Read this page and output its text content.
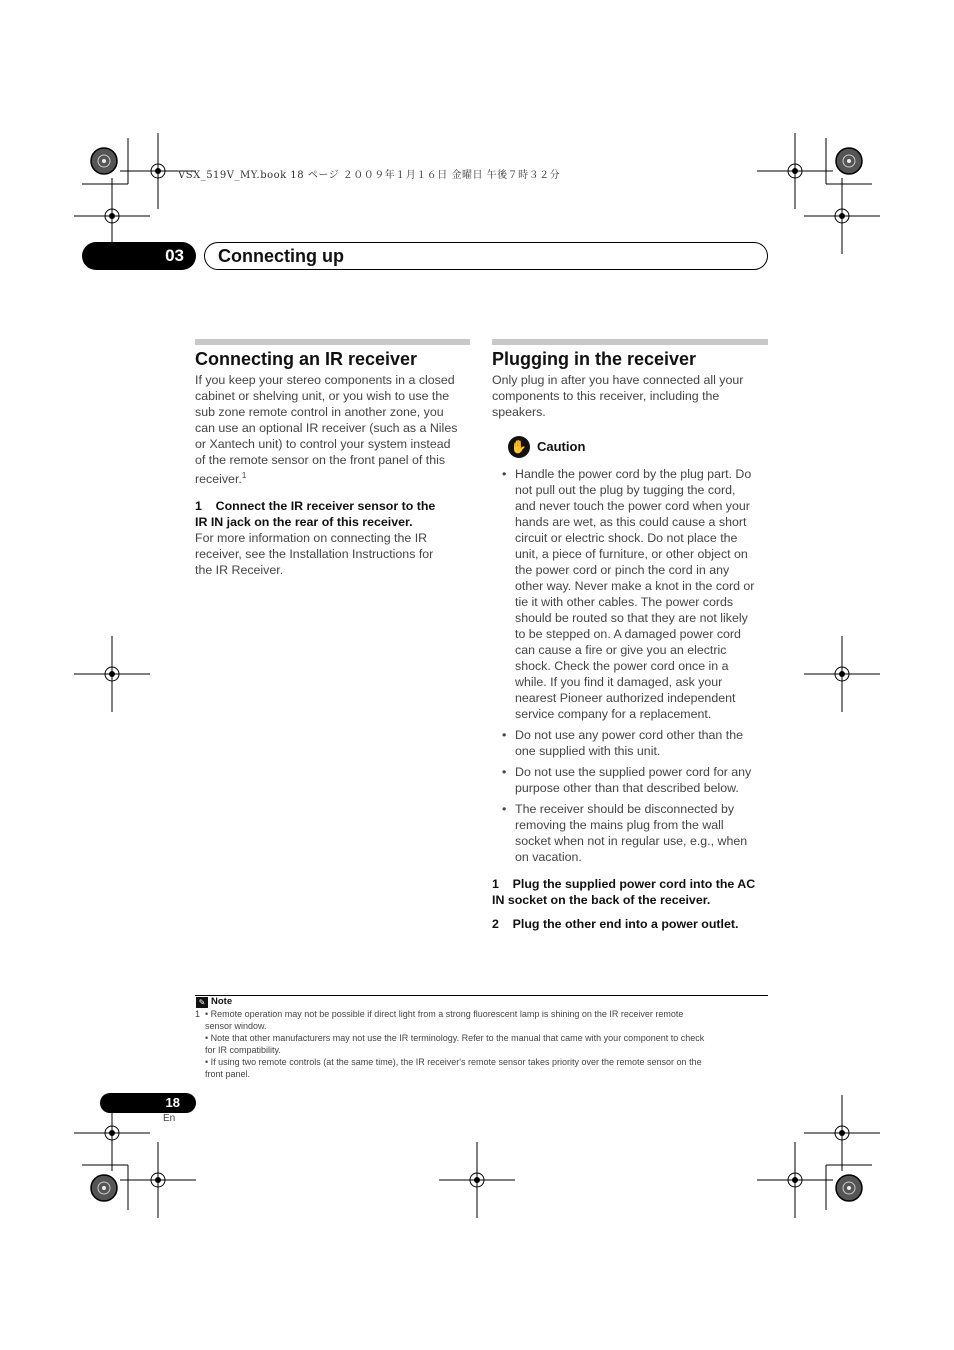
VSX_519V_MY.book 18 ページ ２００９年１月１６日 金曜日 午後７時３２分
03	Connecting up
Connecting an IR receiver
If you keep your stereo components in a closed
cabinet or shelving unit, or you wish to use the
sub zone remote control in another zone, you
can use an optional IR receiver (such as a Niles
or Xantech unit) to control your system instead
of the remote sensor on the front panel of this
receiver.$^1$
1    Connect the IR receiver sensor to the
IR IN jack on the rear of this receiver.
For more information on connecting the IR
receiver, see the Installation Instructions for
the IR Receiver.
Plugging in the receiver
Only plug in after you have connected all your
components to this receiver, including the
speakers.
✋ Caution
• Handle the power cord by the plug part. Do
not pull out the plug by tugging the cord,
and never touch the power cord when your
hands are wet, as this could cause a short
circuit or electric shock. Do not place the
unit, a piece of furniture, or other object on
the power cord or pinch the cord in any
other way. Never make a knot in the cord or
tie it with other cables. The power cords
should be routed so that they are not likely
to be stepped on. A damaged power cord
can cause a fire or give you an electric
shock. Check the power cord once in a
while. If you find it damaged, ask your
nearest Pioneer authorized independent
service company for a replacement.
• Do not use any power cord other than the
one supplied with this unit.
• Do not use the supplied power cord for any
purpose other than that described below.
• The receiver should be disconnected by
removing the mains plug from the wall
socket when not in regular use, e.g., when
on vacation.
1    Plug the supplied power cord into the AC
IN socket on the back of the receiver.
2    Plug the other end into a power outlet.
✎ Note
1  • Remote operation may not be possible if direct light from a strong fluorescent lamp is shining on the IR receiver remote
sensor window.
• Note that other manufacturers may not use the IR terminology. Refer to the manual that came with your component to check
for IR compatibility.
• If using two remote controls (at the same time), the IR receiver's remote sensor takes priority over the remote sensor on the
front panel.
18
En
